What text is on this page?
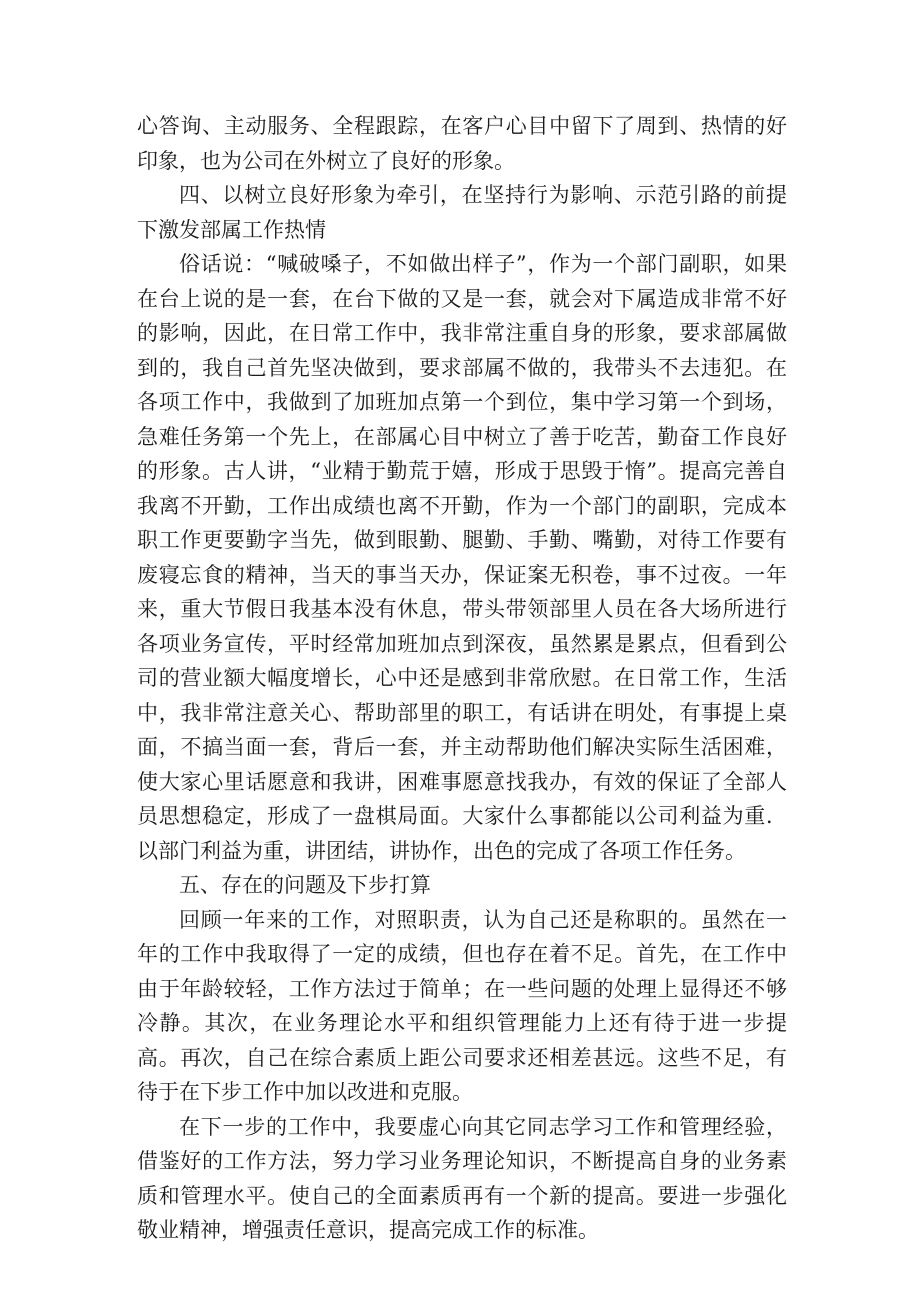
心答询、主动服务、全程跟踪，在客户心目中留下了周到、热情的好印象，也为公司在外树立了良好的形象。

四、以树立良好形象为牵引，在坚持行为影响、示范引路的前提下激发部属工作热情

俗话说：“喊破嗓子，不如做出样子”，作为一个部门副职，如果在台上说的是一套，在台下做的又是一套，就会对下属造成非常不好的影响，因此，在日常工作中，我非常注重自身的形象，要求部属做到的，我自己首先坚决做到，要求部属不做的，我带头不去违犯。在各项工作中，我做到了加班加点第一个到位，集中学习第一个到场，急难任务第一个先上，在部属心目中树立了善于吃苦，勤奋工作良好的形象。古人讲，“业精于勤荒于嬉，形成于思毁于惰”。提高完善自我离不开勤，工作出成绩也离不开勤，作为一个部门的副职，完成本职工作更要勤字当先，做到眼勤、腿勤、手勤、嘴勤，对待工作要有废寝忘食的精神，当天的事当天办，保证案无积卷，事不过夜。一年来，重大节假日我基本没有休息，带头带领部里人员在各大场所进行各项业务宣传，平时经常加班加点到深夜，虽然累是累点，但看到公司的营业额大幅度增长，心中还是感到非常欣慰。在日常工作，生活中，我非常注意关心、帮助部里的职工，有话讲在明处，有事提上桌面，不搞当面一套，背后一套，并主动帮助他们解决实际生活困难，使大家心里话愿意和我讲，困难事愿意找我办，有效的保证了全部人员思想稳定，形成了一盘棋局面。大家什么事都能以公司利益为重．以部门利益为重，讲团结，讲协作，出色的完成了各项工作任务。

五、存在的问题及下步打算

回顾一年来的工作，对照职责，认为自己还是称职的。虽然在一年的工作中我取得了一定的成绩，但也存在着不足。首先，在工作中由于年龄较轻，工作方法过于简单；在一些问题的处理上显得还不够冷静。其次，在业务理论水平和组织管理能力上还有待于进一步提高。再次，自己在综合素质上距公司要求还相差甚远。这些不足，有待于在下步工作中加以改进和克服。

在下一步的工作中，我要虚心向其它同志学习工作和管理经验，借鉴好的工作方法，努力学习业务理论知识，不断提高自身的业务素质和管理水平。使自己的全面素质再有一个新的提高。要进一步强化敬业精神，增强责任意识，提高完成工作的标准。
